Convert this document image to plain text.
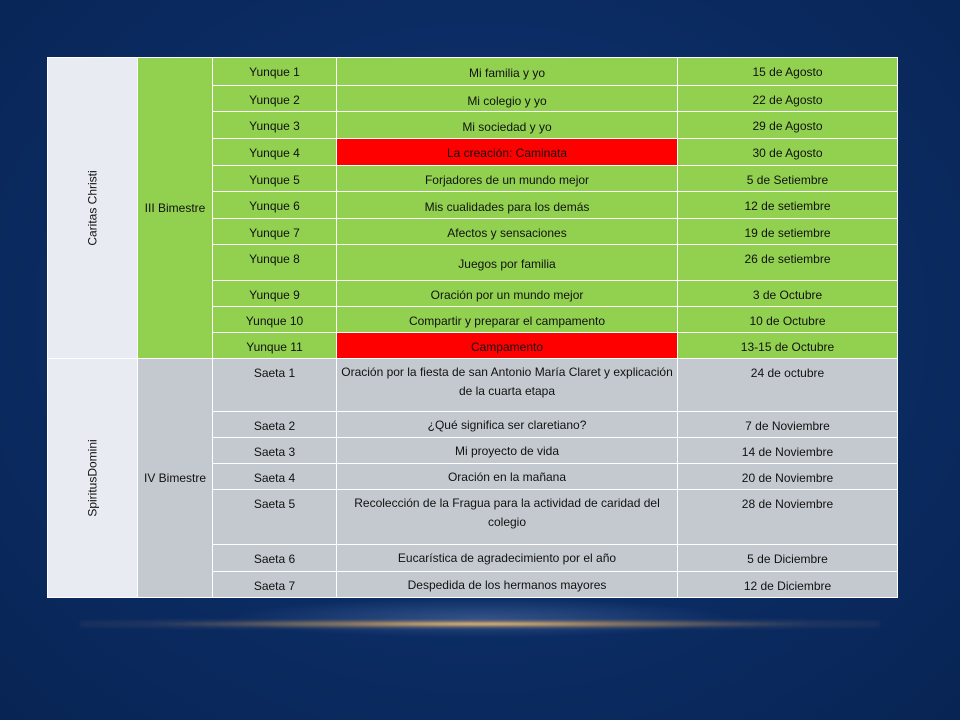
Caritas Christi	III Bimestre	Yunque 1	Mi familia y yo	15 de Agosto
		Yunque 2	Mi colegio y yo	22 de Agosto
		Yunque 3	Mi sociedad y yo	29 de Agosto
		Yunque 4	La creación: Caminata	30 de Agosto
		Yunque 5	Forjadores de un mundo mejor	5 de Setiembre
		Yunque 6	Mis cualidades para los demás	12 de setiembre
		Yunque 7	Afectos y sensaciones	19 de setiembre
		Yunque 8	Juegos por familia	26 de setiembre
		Yunque 9	Oración por un mundo mejor	3 de Octubre
		Yunque 10	Compartir y preparar el campamento	10 de Octubre
		Yunque 11	Campamento	13-15 de Octubre

SpiritusDomini	IV Bimestre	Saeta 1	Oración por la fiesta de san Antonio María Claret y explicación de la cuarta etapa	24 de octubre
		Saeta 2	¿Qué significa ser claretiano?	7 de Noviembre
		Saeta 3	Mi proyecto de vida	14 de Noviembre
		Saeta 4	Oración en la mañana	20 de Noviembre
		Saeta 5	Recolección de la Fragua para la actividad de caridad del colegio	28 de Noviembre
		Saeta 6	Eucarística de agradecimiento por el año	5 de Diciembre
		Saeta 7	Despedida de los hermanos mayores	12 de Diciembre
